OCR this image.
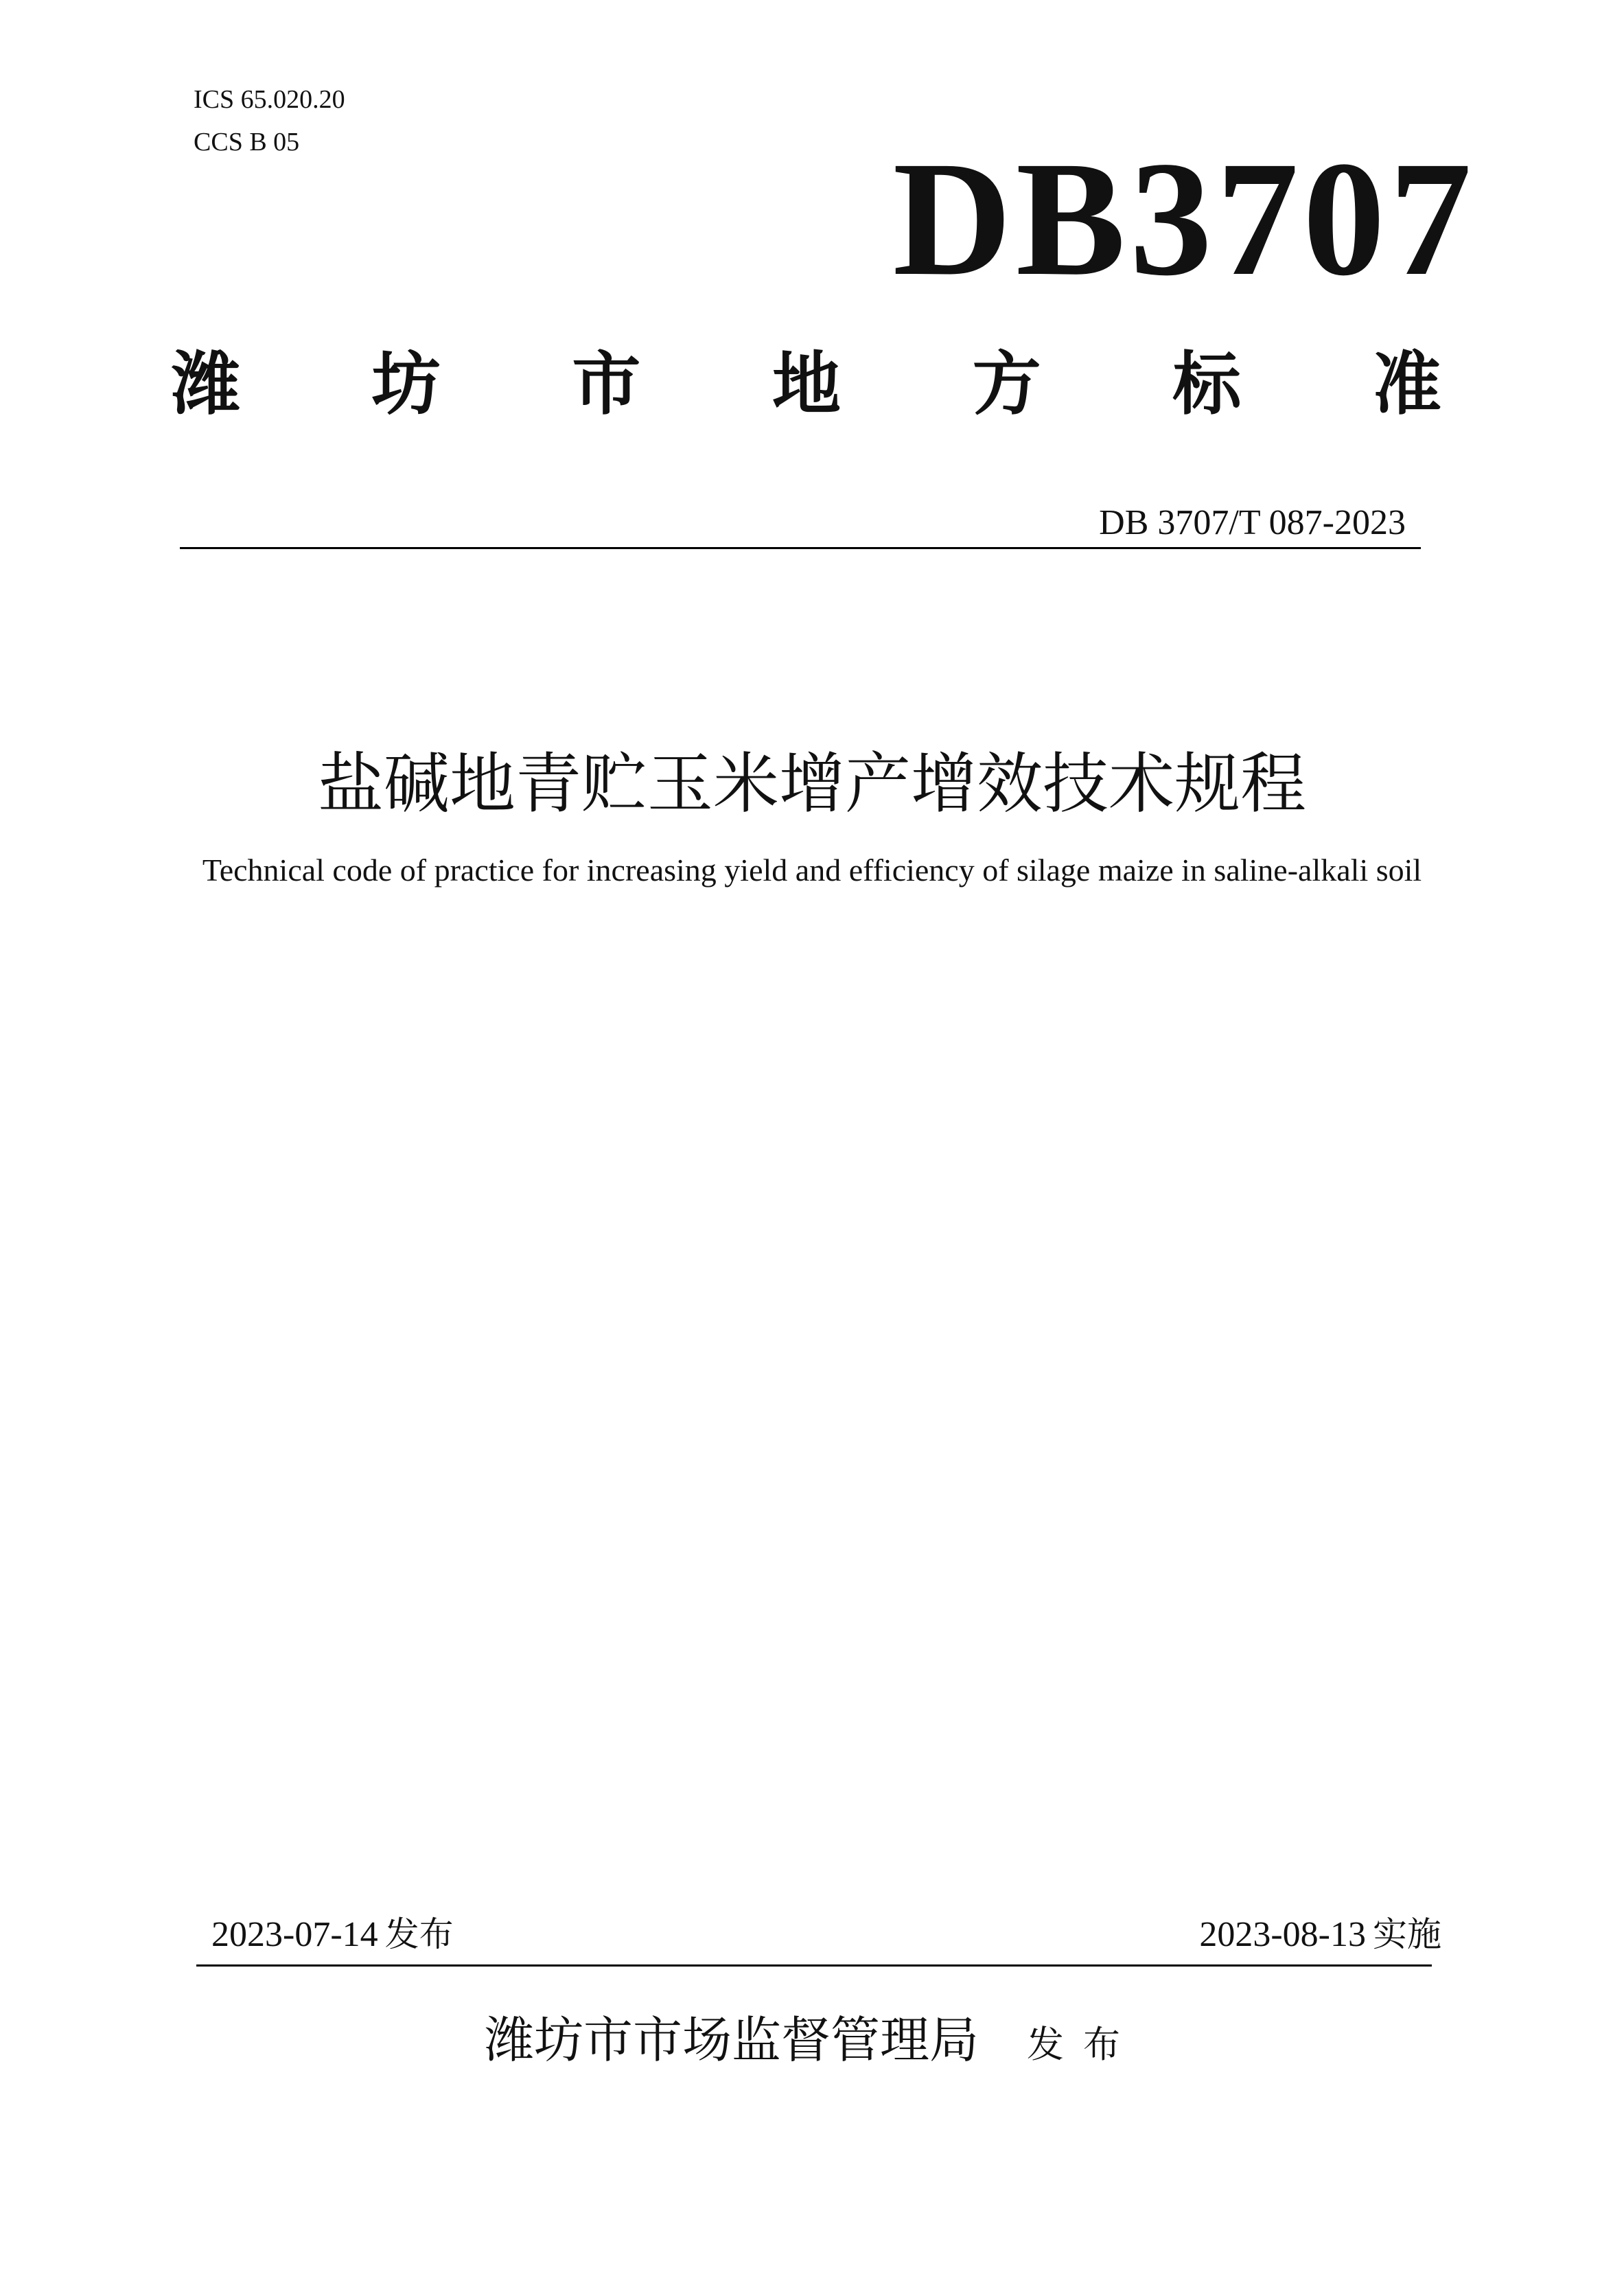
ICS 65.020.20
CCS B 05	DB3707
潍 坊 市 地 方 标 准
DB 3707/T 087-2023
盐碱地青贮玉米增产增效技术规程
Technical code of practice for increasing yield and efficiency of silage maize in saline-alkali soil
2023-07-14 发布	2023-08-13 实施
潍坊市市场监督管理局 发布
